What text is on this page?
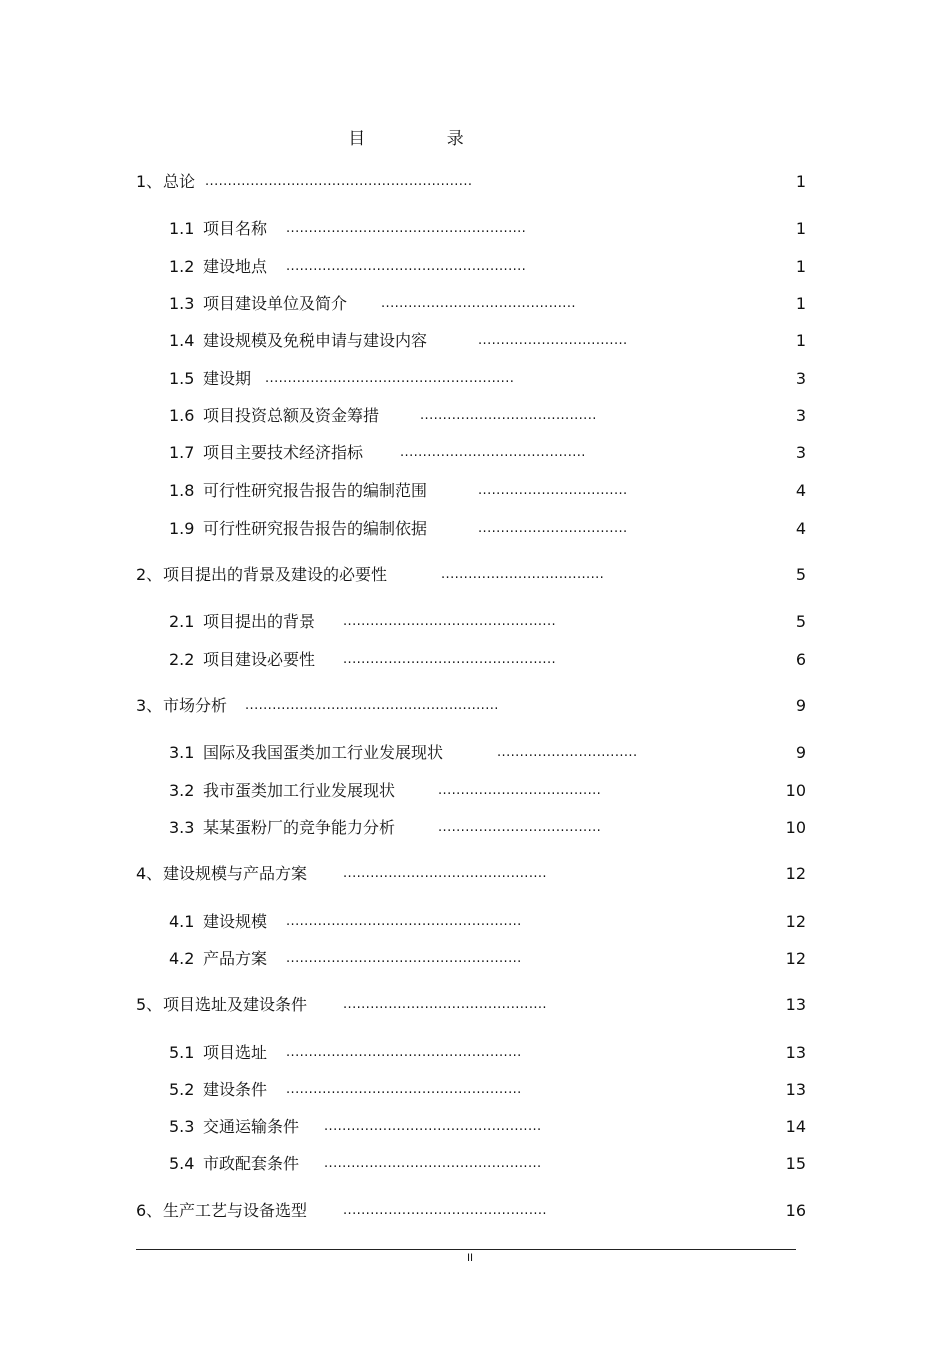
目 录
1、 总论 ...........................................................	1
1.1 项目名称 .....................................................	1
1.2 建设地点 .....................................................	1
1.3 项目建设单位及简介	...........................................	1
1.4 建设规模及免税申请与建设内容	.................................	1
1.5 建设期 .......................................................	3
1.6 项目投资总额及资金筹措	.......................................	3
1.7 项目主要技术经济指标	.........................................	3
1.8 可行性研究报告报告的编制范围	.................................	4
1.9 可行性研究报告报告的编制依据	.................................	4
2、 项目提出的背景及建设的必要性	....................................	5
2.1 项目提出的背景 ...............................................	5
2.2 项目建设必要性 ...............................................	6
3、 市场分析 ........................................................	9
3.1 国际及我国蛋类加工行业发展现状	...............................	9
3.2 我市蛋类加工行业发展现状	....................................	10
3.3 某某蛋粉厂的竞争能力分析	....................................	10
4、 建设规模与产品方案	.............................................	12
4.1 建设规模 ....................................................	12
4.2 产品方案 ....................................................	12
5、 项目选址及建设条件	.............................................	13
5.1 项目选址 ....................................................	13
5.2 建设条件 ....................................................	13
5.3 交通运输条件 ................................................	14
5.4 市政配套条件 ................................................	15
6、 生产工艺与设备选型	.............................................	16
II
